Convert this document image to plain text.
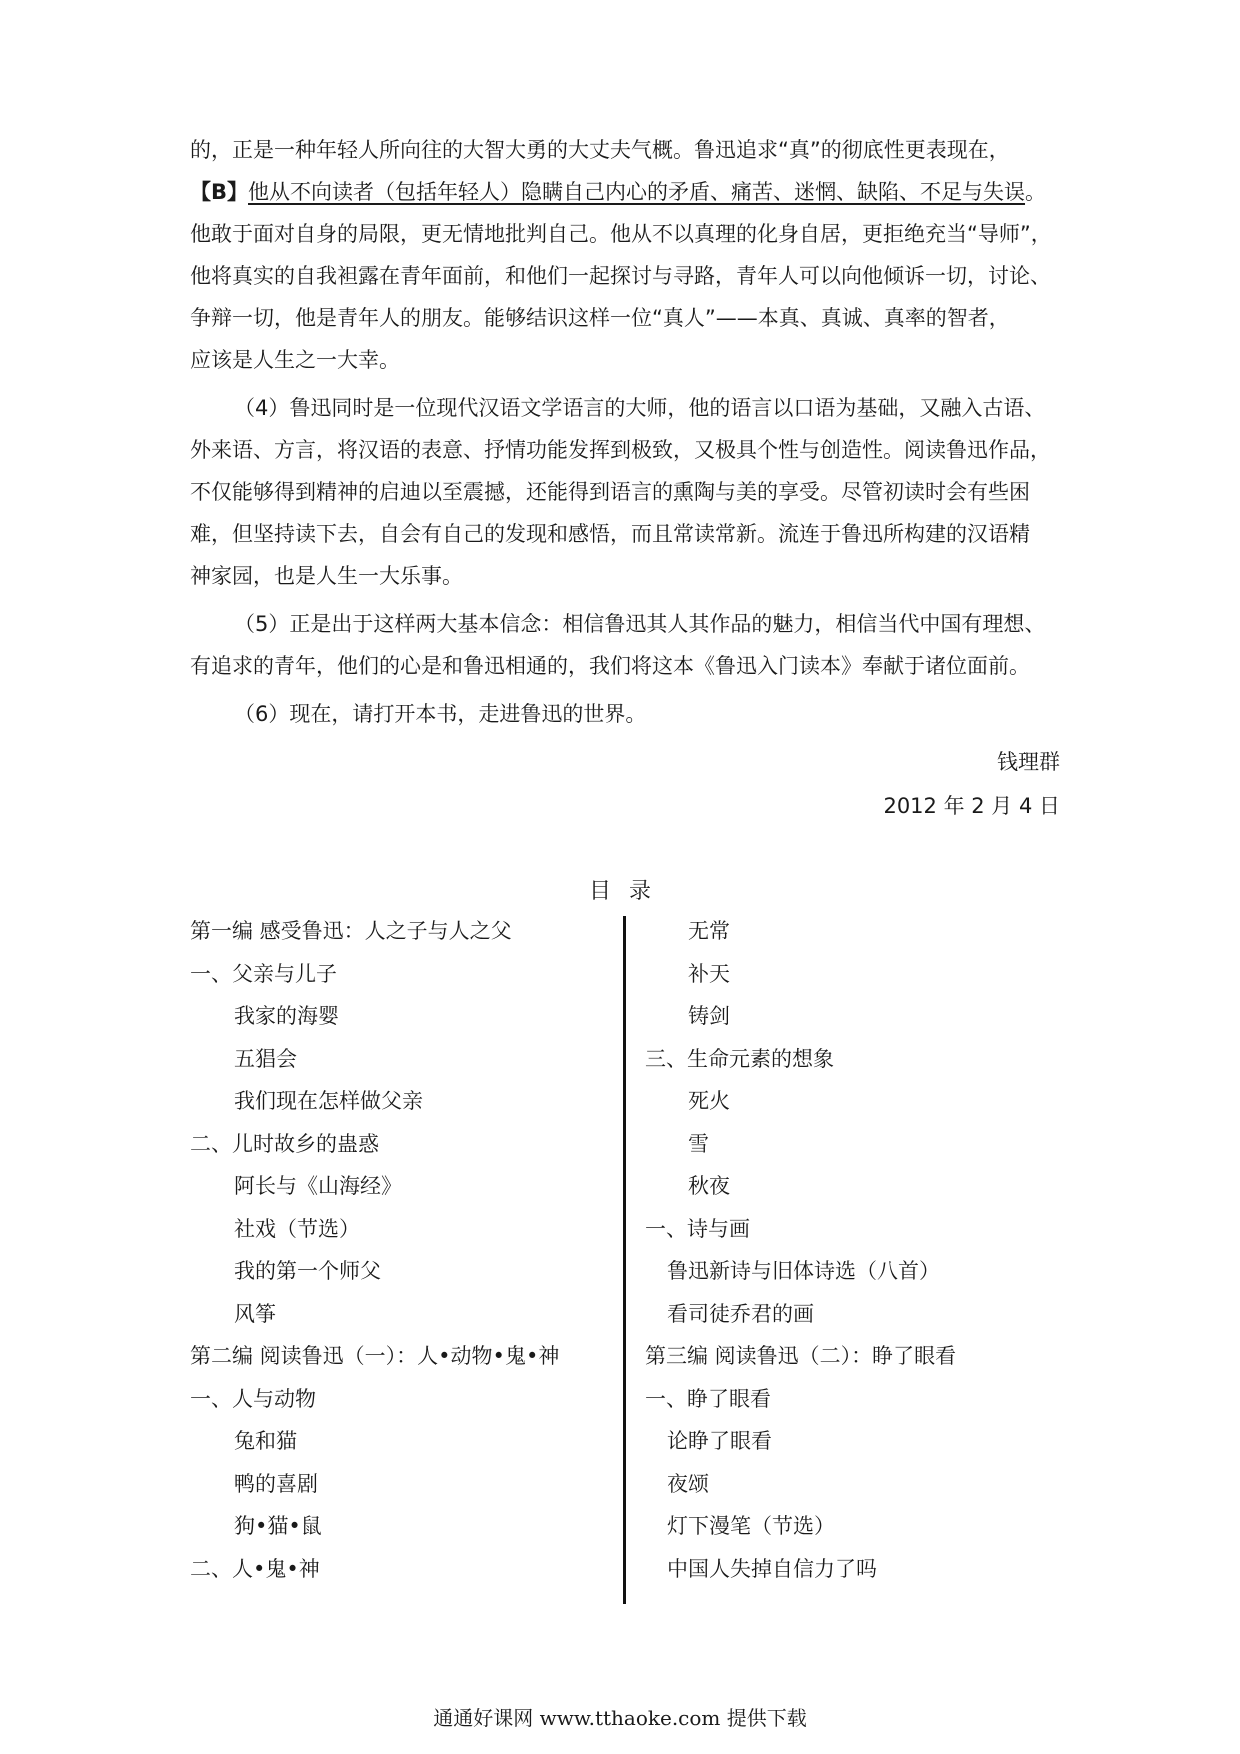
的，正是一种年轻人所向往的大智大勇的大丈夫气概。鲁迅追求“真”的彻底性更表现在，
【B】他从不向读者（包括年轻人）隐瞒自己内心的矛盾、痛苦、迷惘、缺陷、不足与失误。
他敢于面对自身的局限，更无情地批判自己。他从不以真理的化身自居，更拒绝充当“导师”，
他将真实的自我袒露在青年面前，和他们一起探讨与寻路，青年人可以向他倾诉一切，讨论、
争辩一切，他是青年人的朋友。能够结识这样一位“真人”——本真、真诚、真率的智者，
应该是人生之一大幸。
（4）鲁迅同时是一位现代汉语文学语言的大师，他的语言以口语为基础，又融入古语、
外来语、方言，将汉语的表意、抒情功能发挥到极致，又极具个性与创造性。阅读鲁迅作品，
不仅能够得到精神的启迪以至震撼，还能得到语言的熏陶与美的享受。尽管初读时会有些困
难，但坚持读下去，自会有自己的发现和感悟，而且常读常新。流连于鲁迅所构建的汉语精
神家园，也是人生一大乐事。
（5）正是出于这样两大基本信念：相信鲁迅其人其作品的魅力，相信当代中国有理想、
有追求的青年，他们的心是和鲁迅相通的，我们将这本《鲁迅入门读本》奉献于诸位面前。
（6）现在，请打开本书，走进鲁迅的世界。
钱理群
2012 年 2 月 4 日
目录
第一编 感受鲁迅：人之子与人之父
一、父亲与儿子
我家的海婴
五猖会
我们现在怎样做父亲
二、儿时故乡的蛊惑
阿长与《山海经》
社戏（节选）
我的第一个师父
风筝
第二编 阅读鲁迅（一）：人•动物•鬼•神
一、人与动物
兔和猫
鸭的喜剧
狗•猫•鼠
二、人•鬼•神
无常
补天
铸剑
三、生命元素的想象
死火
雪
秋夜
一、诗与画
鲁迅新诗与旧体诗选（八首）
看司徒乔君的画
第三编 阅读鲁迅（二）：睁了眼看
一、睁了眼看
论睁了眼看
夜颂
灯下漫笔（节选）
中国人失掉自信力了吗
通通好课网 www.tthaoke.com 提供下载
